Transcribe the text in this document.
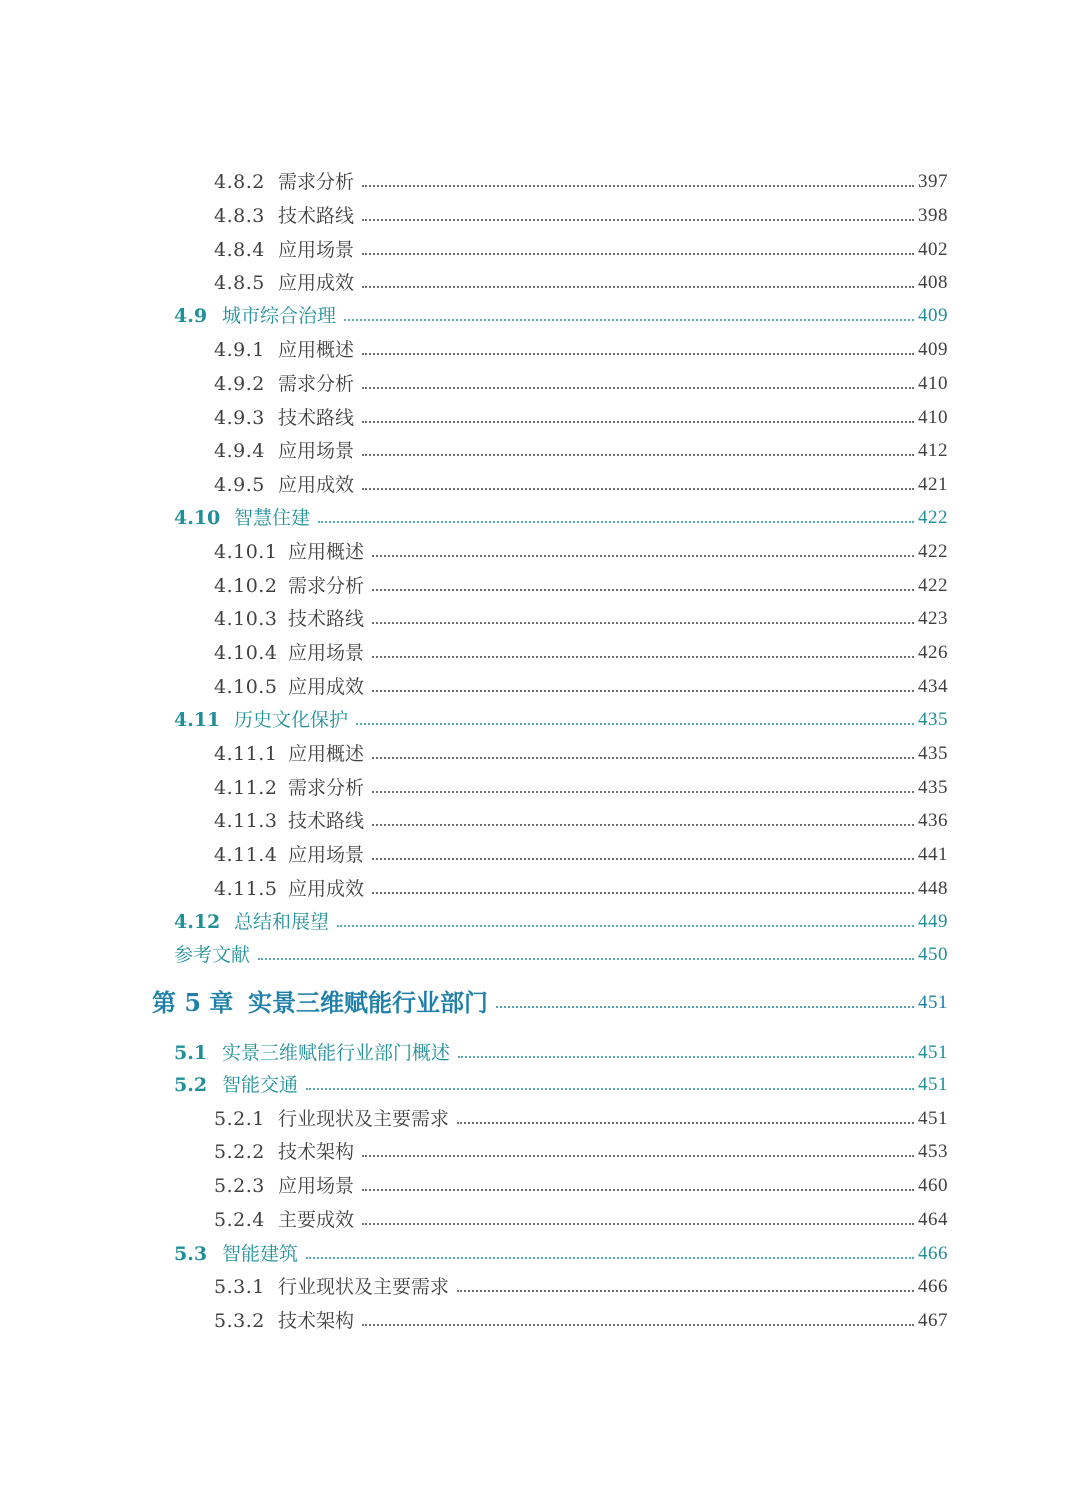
4.8.2 需求分析	397
4.8.3 技术路线	398
4.8.4 应用场景	402
4.8.5 应用成效	408
4.9 城市综合治理	409
4.9.1 应用概述	409
4.9.2 需求分析	410
4.9.3 技术路线	410
4.9.4 应用场景	412
4.9.5 应用成效	421
4.10 智慧住建	422
4.10.1 应用概述	422
4.10.2 需求分析	422
4.10.3 技术路线	423
4.10.4 应用场景	426
4.10.5 应用成效	434
4.11 历史文化保护	435
4.11.1 应用概述	435
4.11.2 需求分析	435
4.11.3 技术路线	436
4.11.4 应用场景	441
4.11.5 应用成效	448
4.12 总结和展望	449
参考文献	450
第 5 章 实景三维赋能行业部门	451
5.1 实景三维赋能行业部门概述	451
5.2 智能交通	451
5.2.1 行业现状及主要需求	451
5.2.2 技术架构	453
5.2.3 应用场景	460
5.2.4 主要成效	464
5.3 智能建筑	466
5.3.1 行业现状及主要需求	466
5.3.2 技术架构	467
